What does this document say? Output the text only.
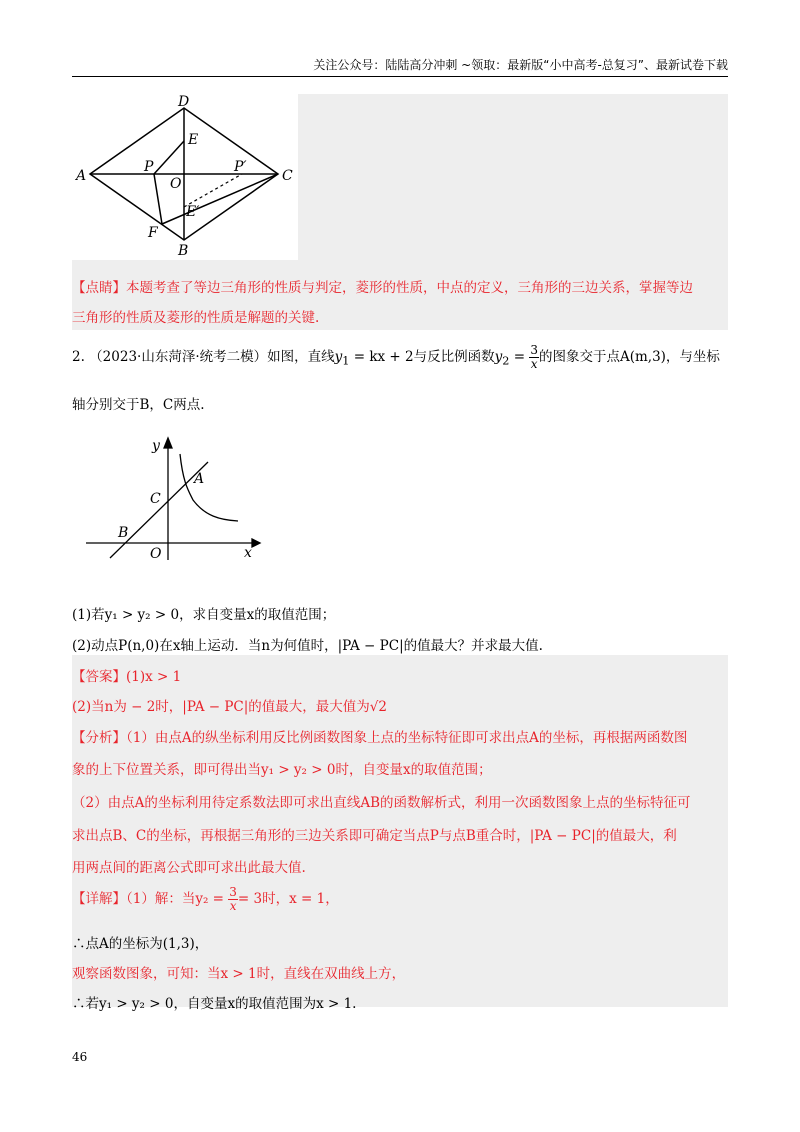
关注公众号：陆陆高分冲刺 ~领取：最新版“小中高考-总复习”、最新试卷下载
D
E
P	P′
A	O	C
E′
F
B
【点睛】本题考查了等边三角形的性质与判定，菱形的性质，中点的定义，三角形的三边关系，掌握等边
三角形的性质及菱形的性质是解题的关键.
2. （2023·山东菏泽·统考二模）如图，直线$y_1$ = kx + 2与反比例函数$y_2 = \frac{3}{x}$ 的图象交于点A(m,3)，与坐标
轴分别交于B，C两点.
y
A
C
B
O	x
(1)若y₁ > y₂ > 0，求自变量x的取值范围；
(2)动点P(n,0)在x轴上运动．当n为何值时，|PA − PC|的值最大？并求最大值.
【答案】(1)x > 1
(2)当n为 − 2时，|PA − PC|的值最大，最大值为√2
【分析】（1）由点A的纵坐标利用反比例函数图象上点的坐标特征即可求出点A的坐标，再根据两函数图
象的上下位置关系，即可得出当y₁ > y₂ > 0时，自变量x的取值范围；
（2）由点A的坐标利用待定系数法即可求出直线AB的函数解析式，利用一次函数图象上点的坐标特征可
求出点B、C的坐标，再根据三角形的三边关系即可确定当点P与点B重合时，|PA − PC|的值最大，利
用两点间的距离公式即可求出此最大值.
【详解】（1）解：当$y_2 = \frac{3}{x} = 3$时，x = 1，
∴点A的坐标为(1,3)，
观察函数图象，可知：当x > 1时，直线在双曲线上方，
∴若y₁ > y₂ > 0，自变量x的取值范围为x > 1.
46
